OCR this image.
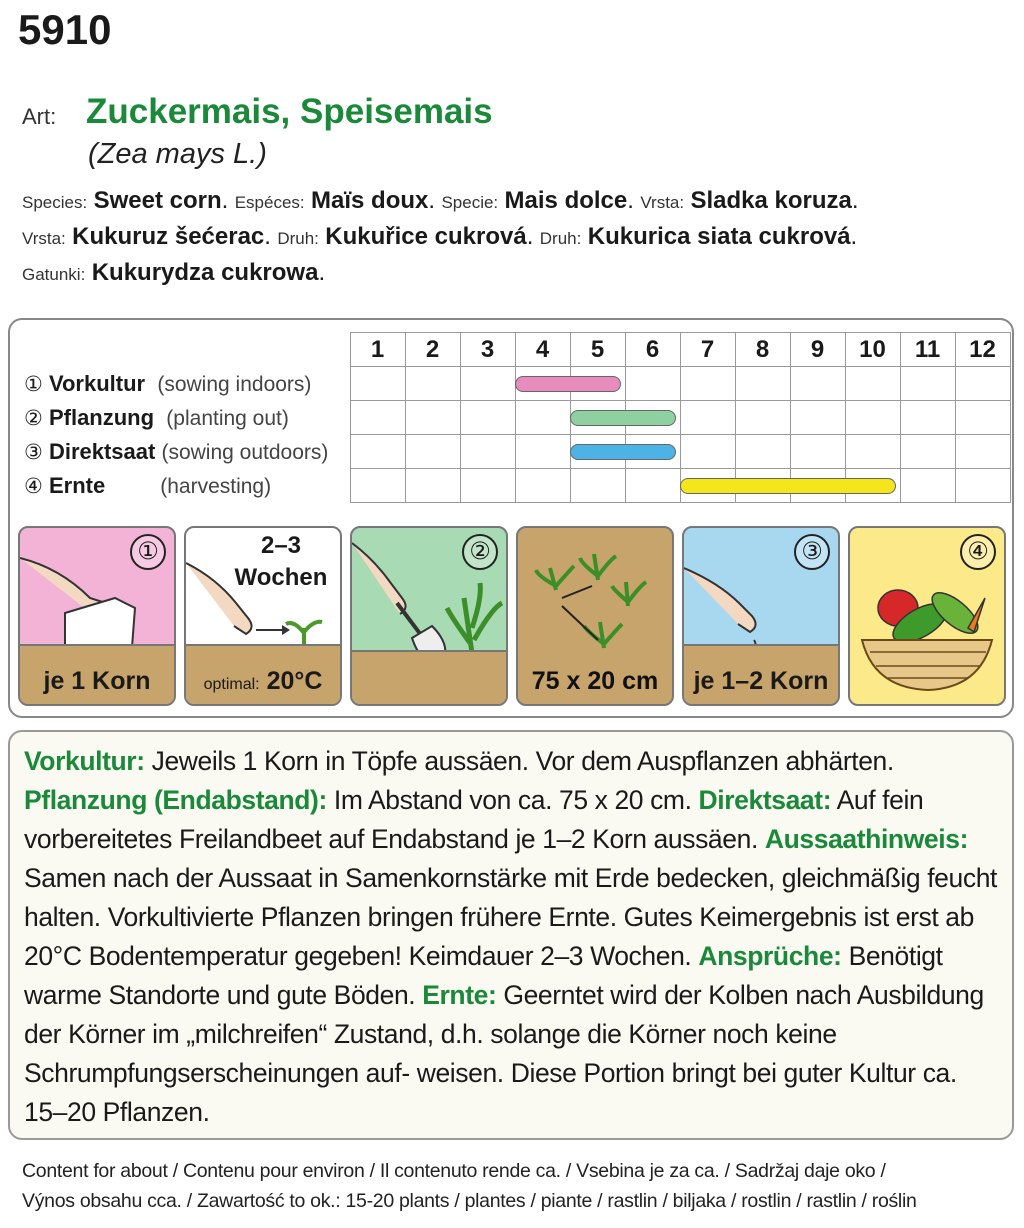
5910
Art: Zuckermais, Speisemais
(Zea mays L.)
Species: Sweet corn. Espéces: Maïs doux. Specie: Mais dolce. Vrsta: Sladka koruza.
Vrsta: Kukuruz šećerac. Druh: Kukuřice cukrová. Druh: Kukurica siata cukrová.
Gatunki: Kukurydza cukrowa.
	1	2	3	4	5	6	7	8	9	10	11	12
① Vorkultur (sowing indoors)												
② Pflanzung (planting out)												
③ Direktsaat (sowing outdoors)												
④ Ernte (harvesting)												
①
je 1 Korn
2–3 Wochen
optimal: 20°C
②
75 x 20 cm
③
je 1–2 Korn
④

Vorkultur: Jeweils 1 Korn in Töpfe aussäen. Vor dem Auspflanzen abhärten. Pflanzung (Endabstand): Im Abstand von ca. 75 x 20 cm. Direktsaat: Auf fein vorbereitetes Freilandbeet auf Endabstand je 1–2 Korn aussäen. Aussaathinweis: Samen nach der Aussaat in Samenkornstärke mit Erde bedecken, gleichmäßig feucht halten. Vorkultivierte Pflanzen bringen frühere Ernte. Gutes Keimergebnis ist erst ab 20°C Bodentemperatur gegeben! Keimdauer 2–3 Wochen. Ansprüche: Benötigt warme Standorte und gute Böden. Ernte: Geerntet wird der Kolben nach Ausbildung der Körner im „milchreifen“ Zustand, d.h. solange die Körner noch keine Schrumpfungserscheinungen auf- weisen. Diese Portion bringt bei guter Kultur ca. 15–20 Pflanzen.

Content for about / Contenu pour environ / Il contenuto rende ca. / Vsebina je za ca. / Sadržaj daje oko /
Výnos obsahu cca. / Zawartość to ok.: 15-20 plants / plantes / piante / rastlin / biljaka / rostlin / rastlin / roślin
